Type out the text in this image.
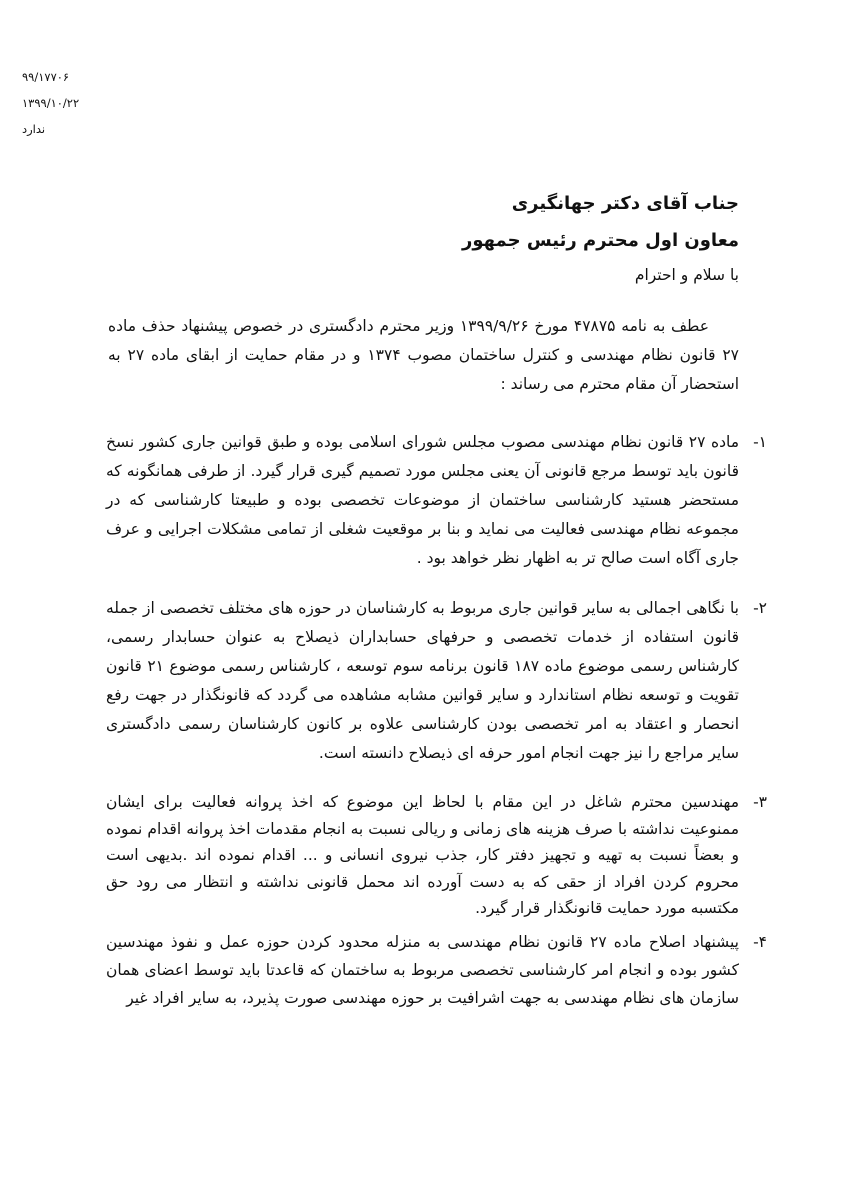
۹۹/۱۷۷۰۶
۱۳۹۹/۱۰/۲۲
ندارد
جناب آقای دکتر جهانگیری
معاون اول محترم رئیس جمهور
با سلام و احترام

عطف به نامه ۴۷۸۷۵ مورخ ۱۳۹۹/۹/۲۶ وزیر محترم دادگستری در خصوص پیشنهاد حذف ماده ۲۷ قانون نظام مهندسی و کنترل ساختمان مصوب ۱۳۷۴ و در مقام حمایت از ابقای ماده ۲۷ به استحضار آن مقام محترم می رساند :

۱-
ماده ۲۷ قانون نظام مهندسی مصوب مجلس شورای اسلامی بوده و طبق قوانین جاری کشور نسخ قانون باید توسط مرجع قانونی آن یعنی مجلس مورد تصمیم گیری قرار گیرد. از طرفی همانگونه که مستحضر هستید کارشناسی ساختمان از موضوعات تخصصی بوده و طبیعتا کارشناسی که در مجموعه نظام مهندسی فعالیت می نماید و بنا بر موقعیت شغلی از تمامی مشکلات اجرایی و عرف جاری آگاه است صالح تر به اظهار نظر خواهد بود .
۲-
با نگاهی اجمالی به سایر قوانین جاری مربوط به کارشناسان در حوزه های مختلف تخصصی از جمله قانون استفاده از خدمات تخصصی و حرفهای حسابداران ذیصلاح به عنوان حسابدار رسمی، کارشناس رسمی موضوع ماده ۱۸۷ قانون برنامه سوم توسعه ، کارشناس رسمی موضوع ۲۱ قانون تقویت و توسعه نظام استاندارد و سایر قوانین مشابه مشاهده می گردد که قانونگذار در جهت رفع انحصار و اعتقاد به امر تخصصی بودن کارشناسی علاوه بر کانون کارشناسان رسمی دادگستری سایر مراجع را نیز جهت انجام امور حرفه ای ذیصلاح دانسته است.
۳-
مهندسین محترم شاغل در این مقام با لحاظ این موضوع که اخذ پروانه فعالیت برای ایشان ممنوعیت نداشته با صرف هزینه های زمانی و ریالی نسبت به انجام مقدمات اخذ پروانه اقدام نموده و بعضاً نسبت به تهیه و تجهیز دفتر کار، جذب نیروی انسانی و ... اقدام نموده اند .بدیهی است محروم کردن افراد از حقی که به دست آورده اند محمل قانونی نداشته و انتظار می رود حق مکتسبه مورد حمایت قانونگذار قرار گیرد.
۴-
پیشنهاد اصلاح ماده ۲۷ قانون نظام مهندسی به منزله محدود کردن حوزه عمل و نفوذ مهندسین کشور بوده و انجام امر کارشناسی تخصصی مربوط به ساختمان که قاعدتا باید توسط اعضای همان سازمان های نظام مهندسی به جهت اشرافیت بر حوزه مهندسی صورت پذیرد، به سایر افراد غیر
